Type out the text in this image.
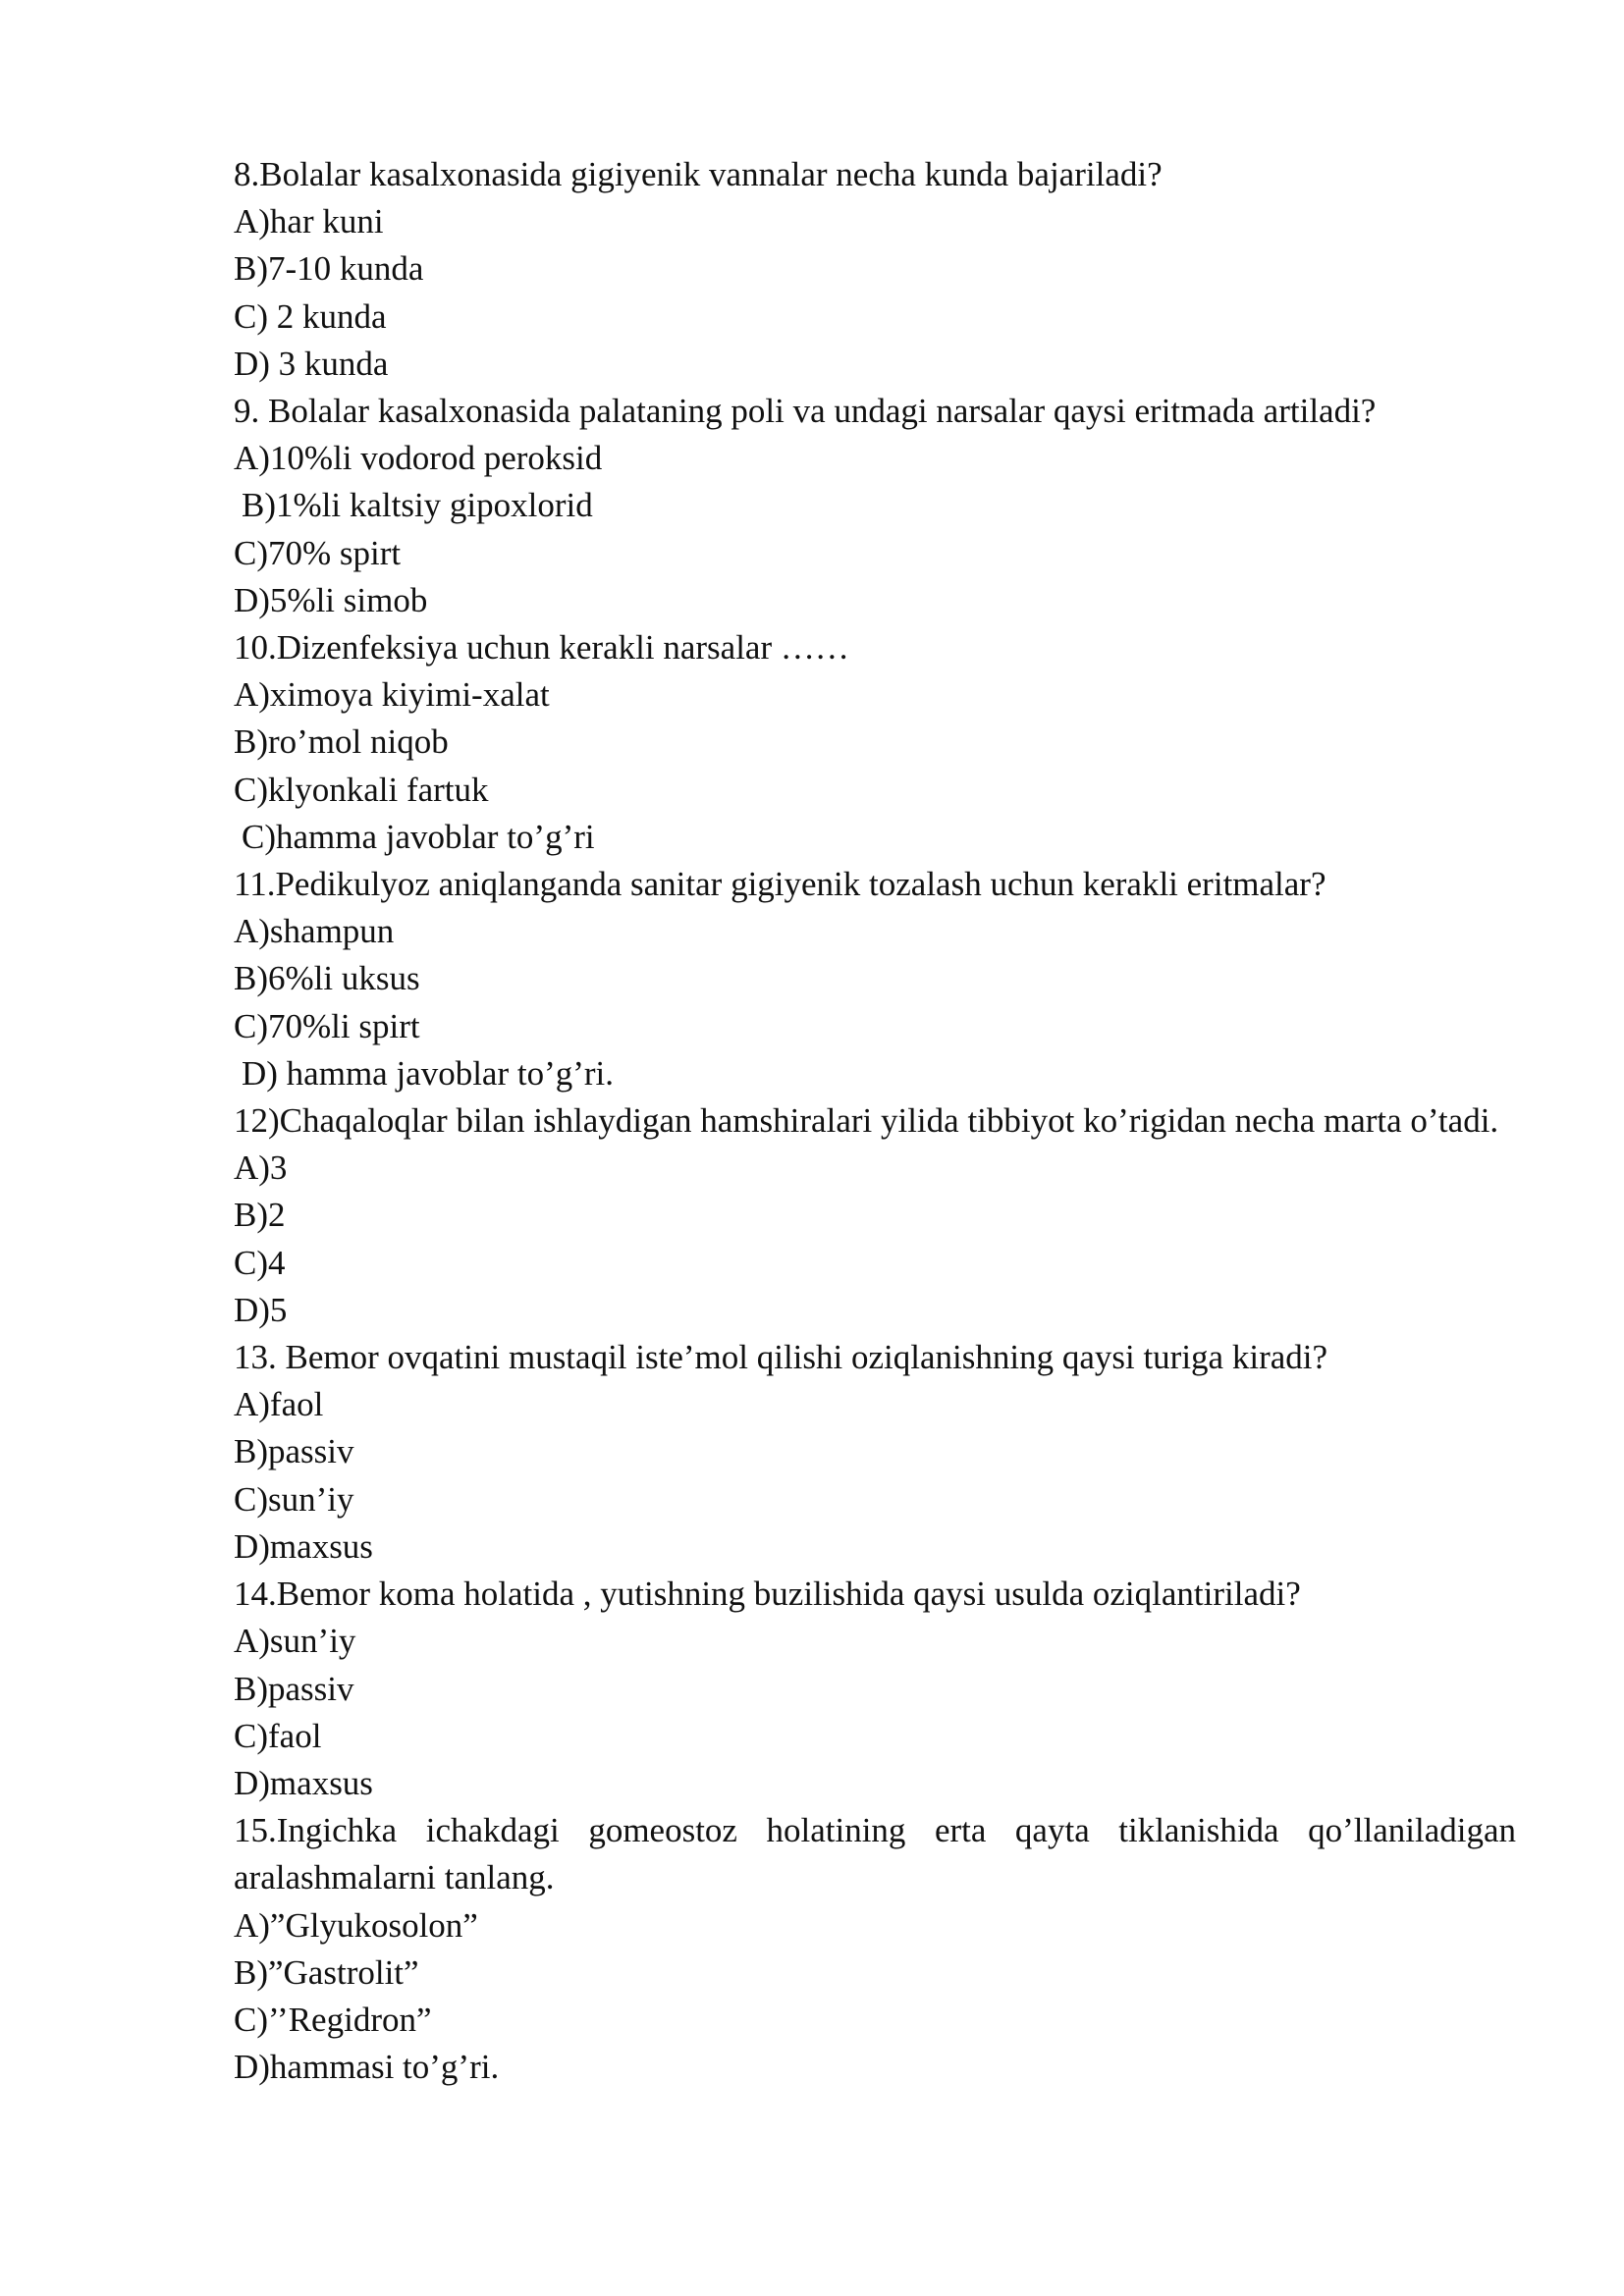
8.Bolalar kasalxonasida gigiyenik vannalar necha kunda bajariladi?

A)har kuni

B)7-10 kunda

C) 2 kunda

D) 3 kunda

9. Bolalar kasalxonasida palataning poli va undagi narsalar qaysi eritmada artiladi?

A)10%li vodorod peroksid

B)1%li kaltsiy gipoxlorid

C)70% spirt

D)5%li simob

10.Dizenfeksiya uchun kerakli narsalar ……

A)ximoya kiyimi-xalat

B)ro’mol niqob

C)klyonkali fartuk

C)hamma javoblar to’g’ri

11.Pedikulyoz aniqlanganda sanitar gigiyenik tozalash uchun kerakli eritmalar?

A)shampun

B)6%li uksus

C)70%li spirt

D) hamma javoblar to’g’ri.

12)Chaqaloqlar bilan ishlaydigan hamshiralari yilida tibbiyot ko’rigidan necha marta o’tadi.

A)3

B)2

C)4

D)5

13. Bemor ovqatini mustaqil iste’mol qilishi oziqlanishning qaysi turiga kiradi?

A)faol

B)passiv

C)sun’iy

D)maxsus

14.Bemor koma holatida , yutishning buzilishida qaysi usulda oziqlantiriladi?

A)sun’iy

B)passiv

C)faol

D)maxsus

15.Ingichka ichakdagi gomeostoz holatining erta qayta tiklanishida qo’llaniladigan aralashmalarni tanlang.

A)”Glyukosolon”

B)”Gastrolit”

C)’’Regidron”

D)hammasi to’g’ri.
